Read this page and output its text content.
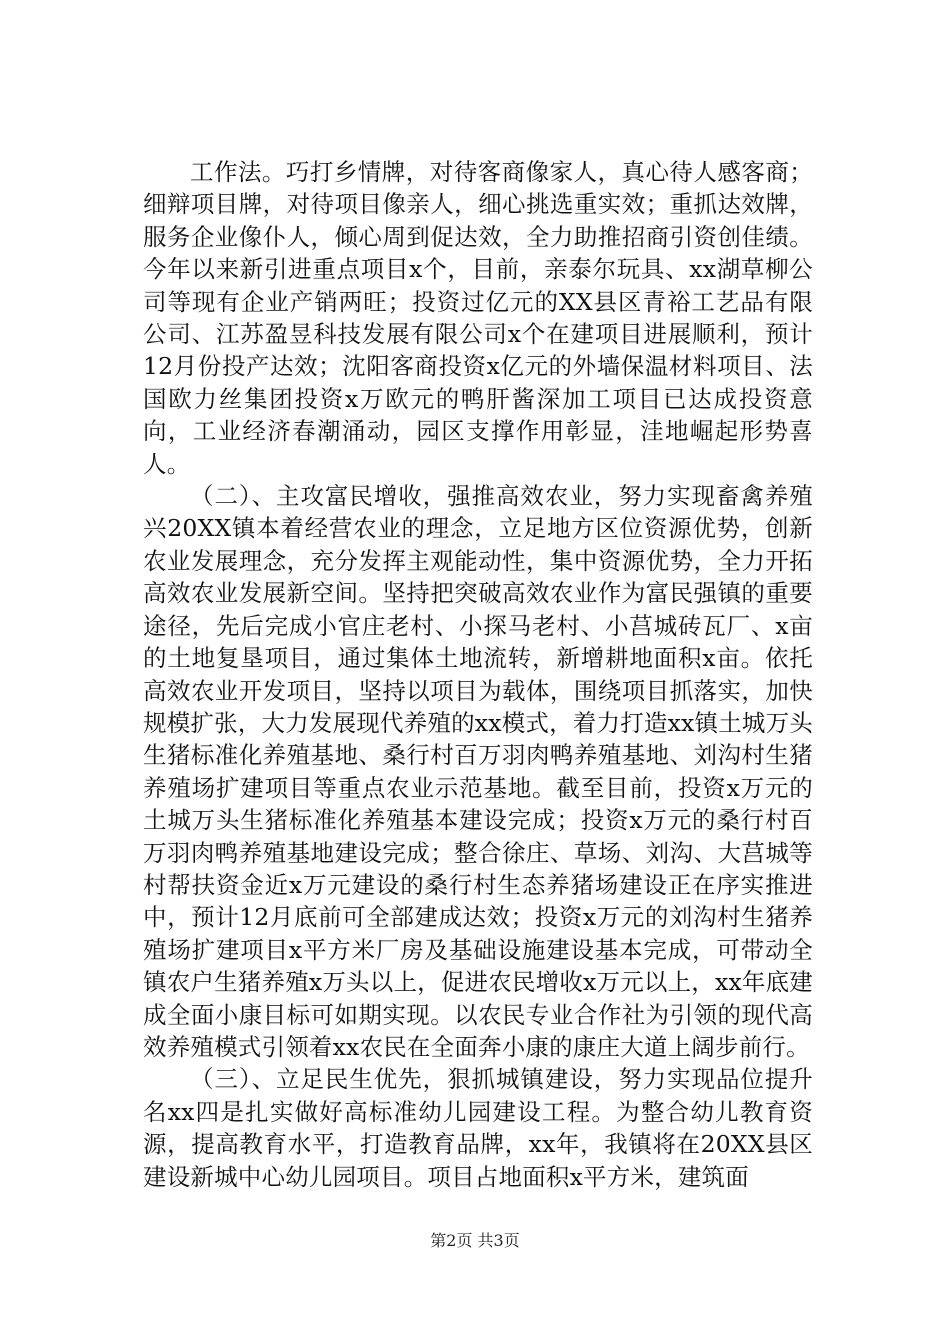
工作法。巧打乡情牌，对待客商像家人，真心待人感客商；细辩项目牌，对待项目像亲人，细心挑选重实效；重抓达效牌，服务企业像仆人，倾心周到促达效，全力助推招商引资创佳绩。今年以来新引进重点项目x个，目前，亲泰尔玩具、xx湖草柳公司等现有企业产销两旺；投资过亿元的XX县区青裕工艺品有限公司、江苏盈昱科技发展有限公司x个在建项目进展顺利，预计12月份投产达效；沈阳客商投资x亿元的外墙保温材料项目、法国欧力丝集团投资x万欧元的鸭肝酱深加工项目已达成投资意向，工业经济春潮涌动，园区支撑作用彰显，洼地崛起形势喜人。

（二）、主攻富民增收，强推高效农业，努力实现畜禽养殖兴20XX镇本着经营农业的理念，立足地方区位资源优势，创新农业发展理念，充分发挥主观能动性，集中资源优势，全力开拓高效农业发展新空间。坚持把突破高效农业作为富民强镇的重要途径，先后完成小官庄老村、小探马老村、小莒城砖瓦厂、x亩的土地复垦项目，通过集体土地流转，新增耕地面积x亩。依托高效农业开发项目，坚持以项目为载体，围绕项目抓落实，加快规模扩张，大力发展现代养殖的xx模式，着力打造xx镇土城万头生猪标准化养殖基地、桑行村百万羽肉鸭养殖基地、刘沟村生猪养殖场扩建项目等重点农业示范基地。截至目前，投资x万元的土城万头生猪标准化养殖基本建设完成；投资x万元的桑行村百万羽肉鸭养殖基地建设完成；整合徐庄、草场、刘沟、大莒城等村帮扶资金近x万元建设的桑行村生态养猪场建设正在序实推进中，预计12月底前可全部建成达效；投资x万元的刘沟村生猪养殖场扩建项目x平方米厂房及基础设施建设基本完成，可带动全镇农户生猪养殖x万头以上，促进农民增收x万元以上，xx年底建成全面小康目标可如期实现。以农民专业合作社为引领的现代高效养殖模式引领着xx农民在全面奔小康的康庄大道上阔步前行。

（三）、立足民生优先，狠抓城镇建设，努力实现品位提升名xx四是扎实做好高标准幼儿园建设工程。为整合幼儿教育资源，提高教育水平，打造教育品牌，xx年，我镇将在20XX县区建设新城中心幼儿园项目。项目占地面积x平方米，建筑面

第2页 共3页
